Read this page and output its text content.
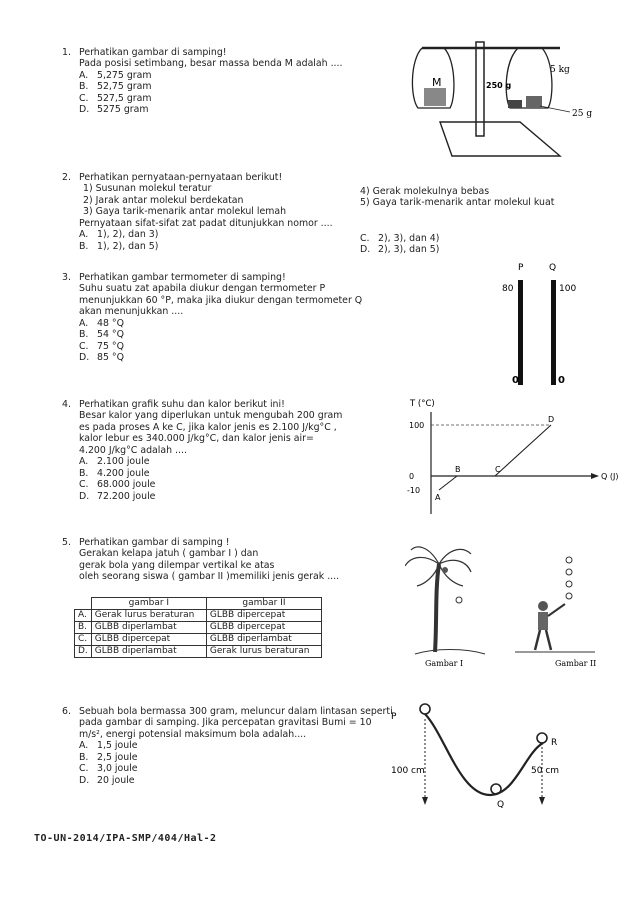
1. Perhatikan gambar di samping!
Pada posisi setimbang, besar massa benda M adalah ....
A. 5,275 gram
B. 52,75 gram
C. 527,5 gram
D. 5275 gram
M	250 g
5 kg
25 g
2. Perhatikan pernyataan-pernyataan berikut!
1) Susunan molekul teratur
2) Jarak antar molekul berdekatan
3) Gaya tarik-menarik antar molekul lemah
Pernyataan sifat-sifat zat padat ditunjukkan nomor ....
A. 1), 2), dan 3)
B. 1), 2), dan 5)
4) Gerak molekulnya bebas
5) Gaya tarik-menarik antar molekul kuat
C. 2), 3), dan 4)
D. 2), 3), dan 5)
3. Perhatikan gambar termometer di samping!
Suhu suatu zat apabila diukur dengan termometer P
menunjukkan 60 °P, maka jika diukur dengan termometer Q
akan menunjukkan ....
A. 48 °Q
B. 54 °Q
C. 75 °Q
D. 85 °Q
P	Q
80	100
0	0
4. Perhatikan grafik suhu dan kalor berikut ini!
Besar kalor yang diperlukan untuk mengubah 200 gram
es pada proses A ke C, jika kalor jenis es 2.100 J/kg°C ,
kalor lebur es 340.000 J/kg°C, dan kalor jenis air=
4.200 J/kg°C adalah ....
A. 2.100 joule
B. 4.200 joule
C. 68.000 joule
D. 72.200 joule
T (°C)
Q (J)
100
0
-10
A
B	C
D
5. Perhatikan gambar di samping !
Gerakan kelapa jatuh ( gambar I ) dan
gerak bola yang dilempar vertikal ke atas
oleh seorang siswa ( gambar II )memiliki jenis gerak ....
	gambar I	gambar II
A.	Gerak lurus beraturan	GLBB dipercepat
B.	GLBB diperlambat	GLBB dipercepat
C.	GLBB dipercepat	GLBB diperlambat
D.	GLBB diperlambat	Gerak lurus beraturan
Gambar I	Gambar II
6. Sebuah bola bermassa 300 gram, meluncur dalam lintasan seperti
pada gambar di samping. Jika percepatan gravitasi Bumi = 10
m/s², energi potensial maksimum bola adalah....
A. 1,5 joule
B. 2,5 joule
C. 3,0 joule
D. 20 joule
P
Q
R
100 cm	50 cm
TO-UN-2014/IPA-SMP/404/Hal-2
